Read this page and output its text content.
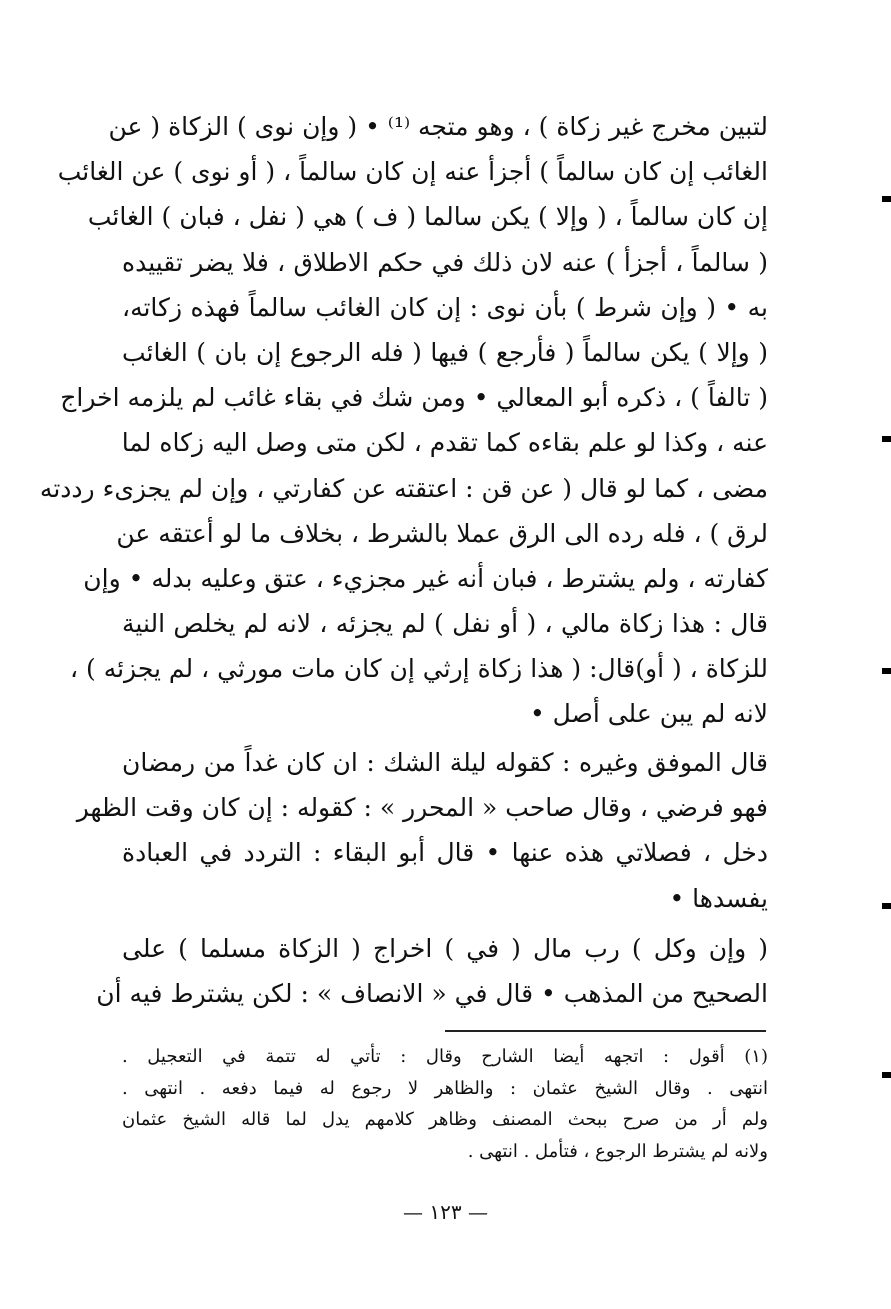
لتبين مخرج غير زكاة ) ، وهو متجه ⁽¹⁾ • ( وإن نوى ) الزكاة ( عن
الغائب إن كان سالماً ) أجزأ عنه إن كان سالماً ، ( أو نوى ) عن الغائب
إن كان سالماً ، ( وإلا ) يكن سالما ( ف ) هي ( نفل ، فبان ) الغائب
( سالماً ، أجزأ ) عنه لان ذلك في حكم الاطلاق ، فلا يضر تقييده
به • ( وإن شرط ) بأن نوى : إن كان الغائب سالماً فهذه زكاته،
( وإلا ) يكن سالماً ( فأرجع ) فيها ( فله الرجوع إن بان ) الغائب
( تالفاً ) ، ذكره أبو المعالي • ومن شك في بقاء غائب لم يلزمه اخراج
عنه ، وكذا لو علم بقاءه كما تقدم ، لكن متى وصل اليه زكاه لما
مضى ، كما لو قال ( عن قن : اعتقته عن كفارتي ، وإن لم يجزىء رددته
لرق ) ، فله رده الى الرق عملا بالشرط ، بخلاف ما لو أعتقه عن
كفارته ، ولم يشترط ، فبان أنه غير مجزيء ، عتق وعليه بدله • وإن
قال : هذا زكاة مالي ، ( أو نفل ) لم يجزئه ، لانه لم يخلص النية
للزكاة ، ( أو)قال: ( هذا زكاة إرثي إن كان مات مورثي ، لم يجزئه ) ،
لانه لم يبن على أصل •
قال الموفق وغيره : كقوله ليلة الشك : ان كان غداً من رمضان
فهو فرضي ، وقال صاحب « المحرر » : كقوله : إن كان وقت الظهر
دخل ، فصلاتي هذه عنها • قال أبو البقاء : التردد في العبادة
يفسدها •
( وإن وكل ) رب مال ( في ) اخراج ( الزكاة مسلما ) على
الصحيح من المذهب • قال في « الانصاف » : لكن يشترط فيه أن
(١) أقول : اتجهه أيضا الشارح وقال : تأتي له تتمة في التعجيل .
انتهى . وقال الشيخ عثمان : والظاهر لا رجوع له فيما دفعه . انتهى .
ولم أر من صرح ببحث المصنف وظاهر كلامهم يدل لما قاله الشيخ عثمان
ولانه لم يشترط الرجوع ، فتأمل . انتهى .
— ١٢٣ —
